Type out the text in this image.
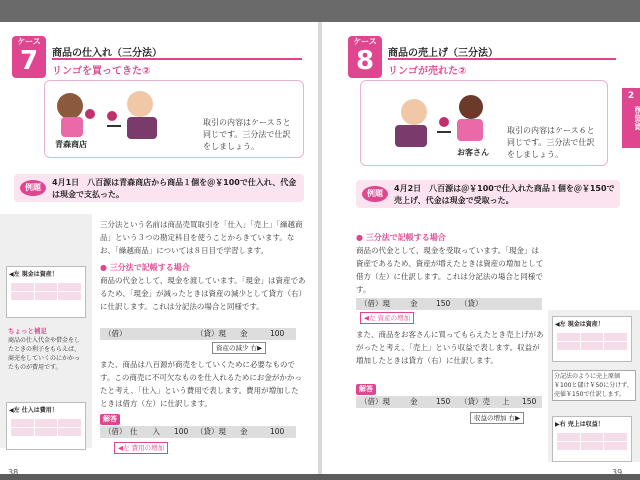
ケース
7	商品の仕入れ（三分法）
リンゴを買ってきた②
青森商店
取引の内容はケース５と同じです。三分法で仕訳をしましょう。
例題
4月1日　八百源は青森商店から商品１個を＠￥100で仕入れ、代金は現金で支払った。
◀左 現金は資産！
ちょっと補足
商品の仕入代金や借金をしたときの利子をもらえば、商売をしていくのにかかったものが費用です。
◀左 仕入は費用！
三分法という名前は商品売買取引を「仕入」「売上」「繰越商品」という３つの勘定科目を使うことからきています。なお、「繰越商品」については８日目で学習します。
● 三分法で記帳する場合
商品の代金として、現金を渡しています。「現金」は資産であるため、「現金」が減ったときは資産の減少として貸方（右）に仕訳します。これは分記法の場合と同様です。
（借）	（貸）現 金	100
資産の減少 右▶
また、商品は八百源が商売をしていくために必要なものです。この商売に不可欠なものを仕入れるためにお金がかかったと考え、「仕入」という費用で表します。費用が増加したときは借方（左）に仕訳します。
解答
（借） 仕　　入 100 （貸）現 金	100
◀左 費用の増加
38
ケース
8	商品の売上げ（三分法）
リンゴが売れた②
2
商品売買
お客さん
取引の内容はケース６と同じです。三分法で仕訳をしましょう。
例題
4月2日　八百源は＠￥100で仕入れた商品１個を＠￥150で売上げ、代金は現金で受取った。
● 三分法で記帳する場合
商品の代金として、現金を受取っています。「現金」は資産であるため、資産が増えたときは資産の増加として借方（左）に仕訳します。これは分記法の場合と同様です。
（借）現	金 150 （貸）
◀左 資産の増加
また、商品をお客さんに買ってもらえたとき売上げがあがったと考え、「売上」という収益で表します。収益が増加したときは貸方（右）に仕訳します。
解答
（借）現	金 150 （貸）売 上 150
収益の増加 右▶
◀左 現金は資産！
分記法のように売上原価￥100と儲け￥50に分けず、売値￥150で仕訳します。
▶右 売上は収益！
39
